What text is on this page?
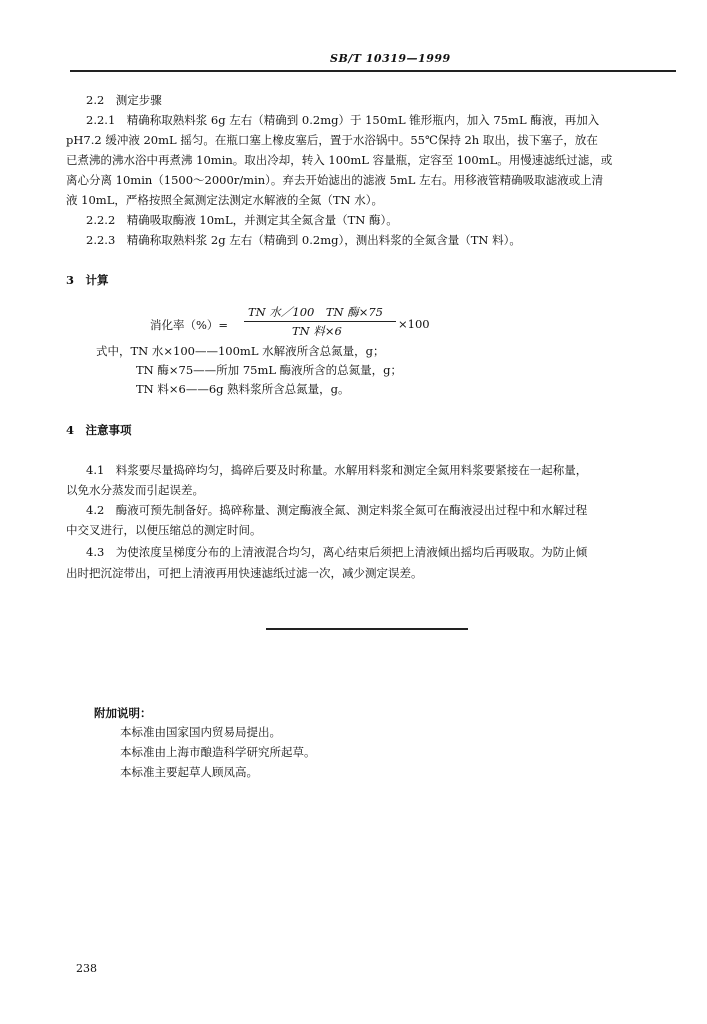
SB/T 10319—1999
2.2　测定步骤
2.2.1　精确称取熟料浆 6g 左右（精确到 0.2mg）于 150mL 锥形瓶内，加入 75mL 酶液，再加入
pH7.2 缓冲液 20mL 摇匀。在瓶口塞上橡皮塞后，置于水浴锅中。55℃保持 2h 取出，拔下塞子，放在
已煮沸的沸水浴中再煮沸 10min。取出冷却，转入 100mL 容量瓶，定容至 100mL。用慢速滤纸过滤，或
离心分离 10min（1500～2000r/min）。弃去开始滤出的滤液 5mL 左右。用移液管精确吸取滤液或上清
液 10mL，严格按照全氮测定法测定水解液的全氮（TN 水）。
2.2.2　精确吸取酶液 10mL，并测定其全氮含量（TN 酶）。
2.2.3　精确称取熟料浆 2g 左右（精确到 0.2mg），测出料浆的全氮含量（TN 料）。
3　计算
消化率（%）=
TN 水／100　TN 酶×75
TN 料×6	×100
式中，TN 水×100——100mL 水解液所含总氮量，g；
TN 酶×75——所加 75mL 酶液所含的总氮量，g；
TN 料×6——6g 熟料浆所含总氮量，g。
4　注意事项
4.1　料浆要尽量捣碎均匀，捣碎后要及时称量。水解用料浆和测定全氮用料浆要紧接在一起称量，
以免水分蒸发而引起误差。
4.2　酶液可预先制备好。捣碎称量、测定酶液全氮、测定料浆全氮可在酶液浸出过程中和水解过程
中交叉进行，以便压缩总的测定时间。
4.3　为使浓度呈梯度分布的上清液混合均匀，离心结束后须把上清液倾出摇均后再吸取。为防止倾
出时把沉淀带出，可把上清液再用快速滤纸过滤一次，减少测定误差。
附加说明：
本标准由国家国内贸易局提出。
本标准由上海市酿造科学研究所起草。
本标准主要起草人顾凤高。
238
